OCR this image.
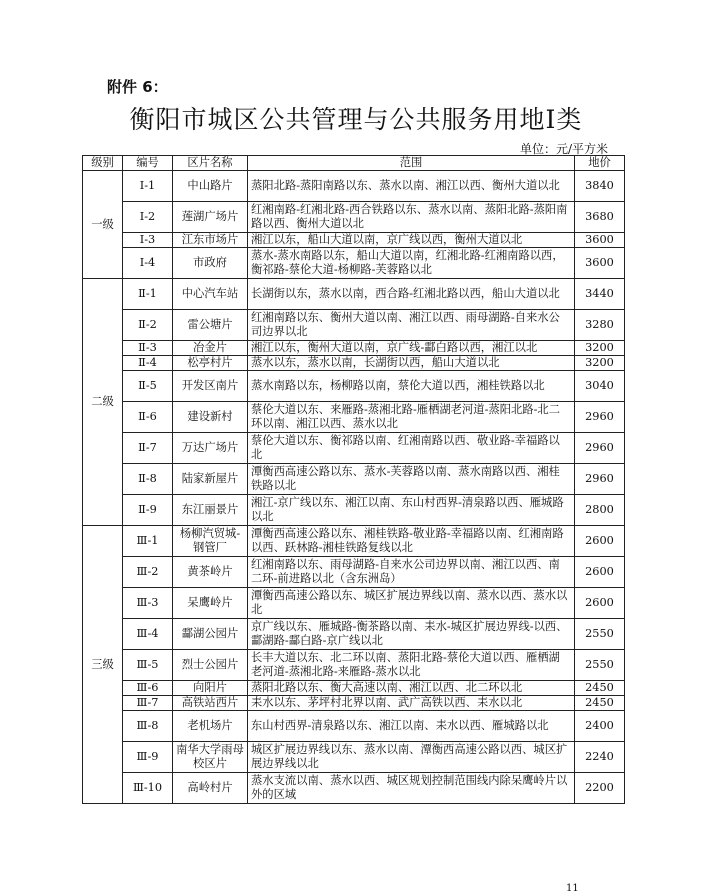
附件 6：
衡阳市城区公共管理与公共服务用地Ⅰ类
单位：元/平方米
级别	编号	区片名称	范围	地价
一级	Ⅰ-1	中山路片	蒸阳北路-蒸阳南路以东、蒸水以南、湘江以西、衡州大道以北	3840
	Ⅰ-2	莲湖广场片	红湘南路-红湘北路-西合铁路以东、蒸水以南、蒸阳北路-蒸阳南路以西、衡州大道以北	3680
	Ⅰ-3	江东市场片	湘江以东，船山大道以南，京广线以西，衡州大道以北	3600
	Ⅰ-4	市政府	蒸水-蒸水南路以东，船山大道以南，红湘北路-红湘南路以西，衡祁路-蔡伦大道-杨柳路-芙蓉路以北	3600
二级	Ⅱ-1	中心汽车站	长湖街以东，蒸水以南，西合路-红湘北路以西，船山大道以北	3440
	Ⅱ-2	雷公塘片	红湘南路以东、衡州大道以南、湘江以西、雨母湖路-自来水公司边界以北	3280
	Ⅱ-3	冶金片	湘江以东，衡州大道以南，京广线-酃白路以西，湘江以北	3200
	Ⅱ-4	松亭村片	蒸水以东，蒸水以南，长湖街以西，船山大道以北	3200
	Ⅱ-5	开发区南片	蒸水南路以东，杨柳路以南，蔡伦大道以西，湘桂铁路以北	3040
	Ⅱ-6	建设新村	蔡伦大道以东、来雁路-蒸湘北路-雁栖湖老河道-蒸阳北路-北二环以南、湘江以西、蒸水以北	2960
	Ⅱ-7	万达广场片	蔡伦大道以东、衡祁路以南、红湘南路以西、敬业路-幸福路以北	2960
	Ⅱ-8	陆家新屋片	潭衡西高速公路以东、蒸水-芙蓉路以南、蒸水南路以西、湘桂铁路以北	2960
	Ⅱ-9	东江丽景片	湘江-京广线以东、湘江以南、东山村西界-清泉路以西、雁城路以北	2800
三级	Ⅲ-1	杨柳汽贸城-钢管厂	潭衡西高速公路以东、湘桂铁路-敬业路-幸福路以南、红湘南路以西、跃林路-湘桂铁路复线以北	2600
	Ⅲ-2	黄茶岭片	红湘南路以东、雨母湖路-自来水公司边界以南、湘江以西、南二环-前进路以北（含东洲岛）	2600
	Ⅲ-3	呆鹰岭片	潭衡西高速公路以东、城区扩展边界线以南、蒸水以西、蒸水以北	2600
	Ⅲ-4	酃湖公园片	京广线以东、雁城路-衡茶路以南、耒水-城区扩展边界线-以西、酃湖路-酃白路-京广线以北	2550
	Ⅲ-5	烈士公园片	长丰大道以东、北二环以南、蒸阳北路-蔡伦大道以西、雁栖湖老河道-蒸湘北路-来雁路-蒸水以北	2550
	Ⅲ-6	向阳片	蒸阳北路以东、衡大高速以南、湘江以西、北二环以北	2450
	Ⅲ-7	高铁站西片	耒水以东、茅坪村北界以南、武广高铁以西、耒水以北	2450
	Ⅲ-8	老机场片	东山村西界-清泉路以东、湘江以南、耒水以西、雁城路以北	2400
	Ⅲ-9	南华大学雨母校区片	城区扩展边界线以东、蒸水以南、潭衡西高速公路以西、城区扩展边界线以北	2240
	Ⅲ-10	高岭村片	蒸水支流以南、蒸水以西、城区规划控制范围线内除呆鹰岭片以外的区域	2200
11
